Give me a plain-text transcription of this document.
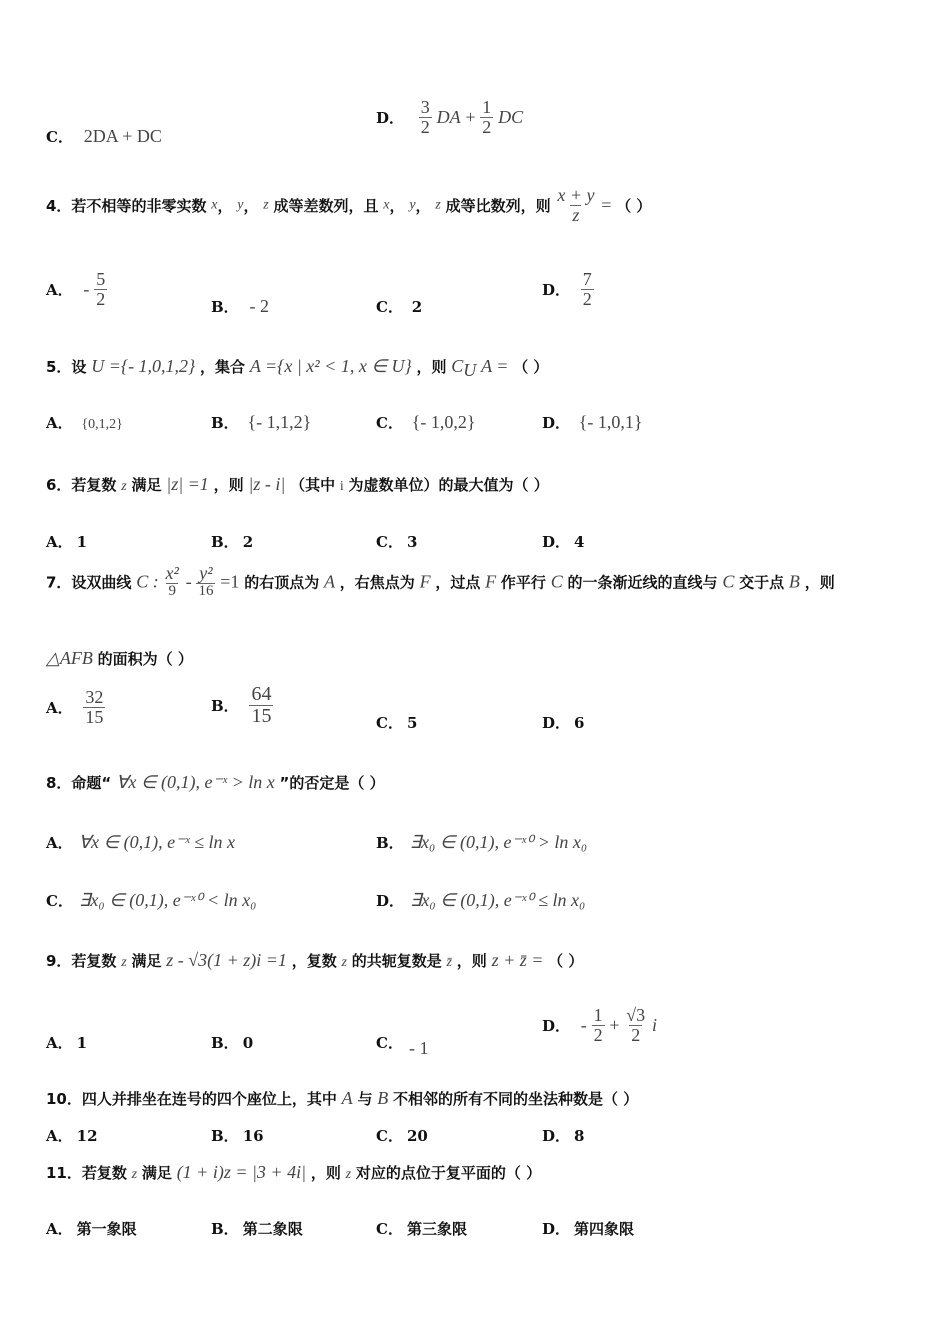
C． 2DA + DC
D． $\frac{3}{2}$ DA + $\frac{1}{2}$ DC
4．若不相等的非零实数 x， y， z 成等差数列，且 x， y， z 成等比数列，则 $\frac{x + y}{z}$ = （ ）
A． - $\frac{5}{2}$	B． - 2	C． 2
D． $\frac{7}{2}$
5．设 U ={- 1,0,1,2} ，集合 A ={x | x² < 1, x ∈ U} ，则 $C_U$ A = （ ）
A． {0,1,2}	B． {- 1,1,2}	C． {- 1,0,2}	D． {- 1,0,1}
6．若复数 z 满足 |z| =1 ，则 |z - i| （其中 i 为虚数单位）的最大值为（ ）
A． 1	B． 2	C． 3	D． 4
7．设双曲线 C : $\frac{\text{x²}}{9} - \frac{\text{y²}}{16} =1$ 的右顶点为 A ，右焦点为 F ，过点 F 作平行 C 的一条渐近线的直线与 C 交于点 B ，则
△AFB 的面积为（ ）
A． $\frac{32}{15}$	B． $\frac{64}{15}$	C． 5	D． 6
8．命题“ ∀x ∈ (0,1), e⁻ˣ > ln x ”的否定是（ ）
A． ∀x ∈ (0,1), e⁻ˣ ≤ ln x	B． ∃x₀ ∈ (0,1), e⁻ˣ⁰ > ln x₀
C． ∃x₀ ∈ (0,1), e⁻ˣ⁰ < ln x₀	D． ∃x₀ ∈ (0,1), e⁻ˣ⁰ ≤ ln x₀
9．若复数 z 满足 z - √3(1 + z)i =1 ，复数 z 的共轭复数是 z̄ ，则 z + z̄ = （ ）
A． 1	B． 0	C． - 1
D． - $\frac{1}{2} + \frac{√3}{2}$ i
10．四人并排坐在连号的四个座位上，其中 A 与 B 不相邻的所有不同的坐法种数是（ ）
A． 12	B． 16	C． 20	D． 8
11．若复数 z 满足 (1 + i)z = |3 + 4i| ，则 z 对应的点位于复平面的（ ）
A． 第一象限	B． 第二象限	C． 第三象限	D． 第四象限
